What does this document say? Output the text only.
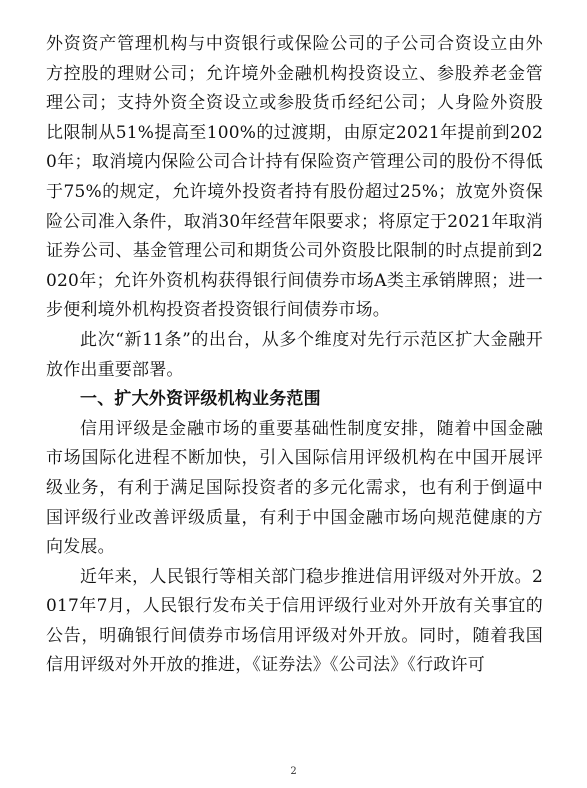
外资资产管理机构与中资银行或保险公司的子公司合资设立由外方控股的理财公司；允许境外金融机构投资设立、参股养老金管理公司；支持外资全资设立或参股货币经纪公司；人身险外资股比限制从51%提高至100%的过渡期，由原定2021年提前到2020年；取消境内保险公司合计持有保险资产管理公司的股份不得低于75%的规定，允许境外投资者持有股份超过25%；放宽外资保险公司准入条件，取消30年经营年限要求；将原定于2021年取消证券公司、基金管理公司和期货公司外资股比限制的时点提前到2020年；允许外资机构获得银行间债券市场A类主承销牌照；进一步便利境外机构投资者投资银行间债券市场。

此次“新11条”的出台，从多个维度对先行示范区扩大金融开放作出重要部署。

一、扩大外资评级机构业务范围

信用评级是金融市场的重要基础性制度安排，随着中国金融市场国际化进程不断加快，引入国际信用评级机构在中国开展评级业务，有利于满足国际投资者的多元化需求，也有利于倒逼中国评级行业改善评级质量，有利于中国金融市场向规范健康的方向发展。

近年来，人民银行等相关部门稳步推进信用评级对外开放。2017年7月，人民银行发布关于信用评级行业对外开放有关事宜的公告，明确银行间债券市场信用评级对外开放。同时，随着我国信用评级对外开放的推进，《证券法》《公司法》《行政许可

2
